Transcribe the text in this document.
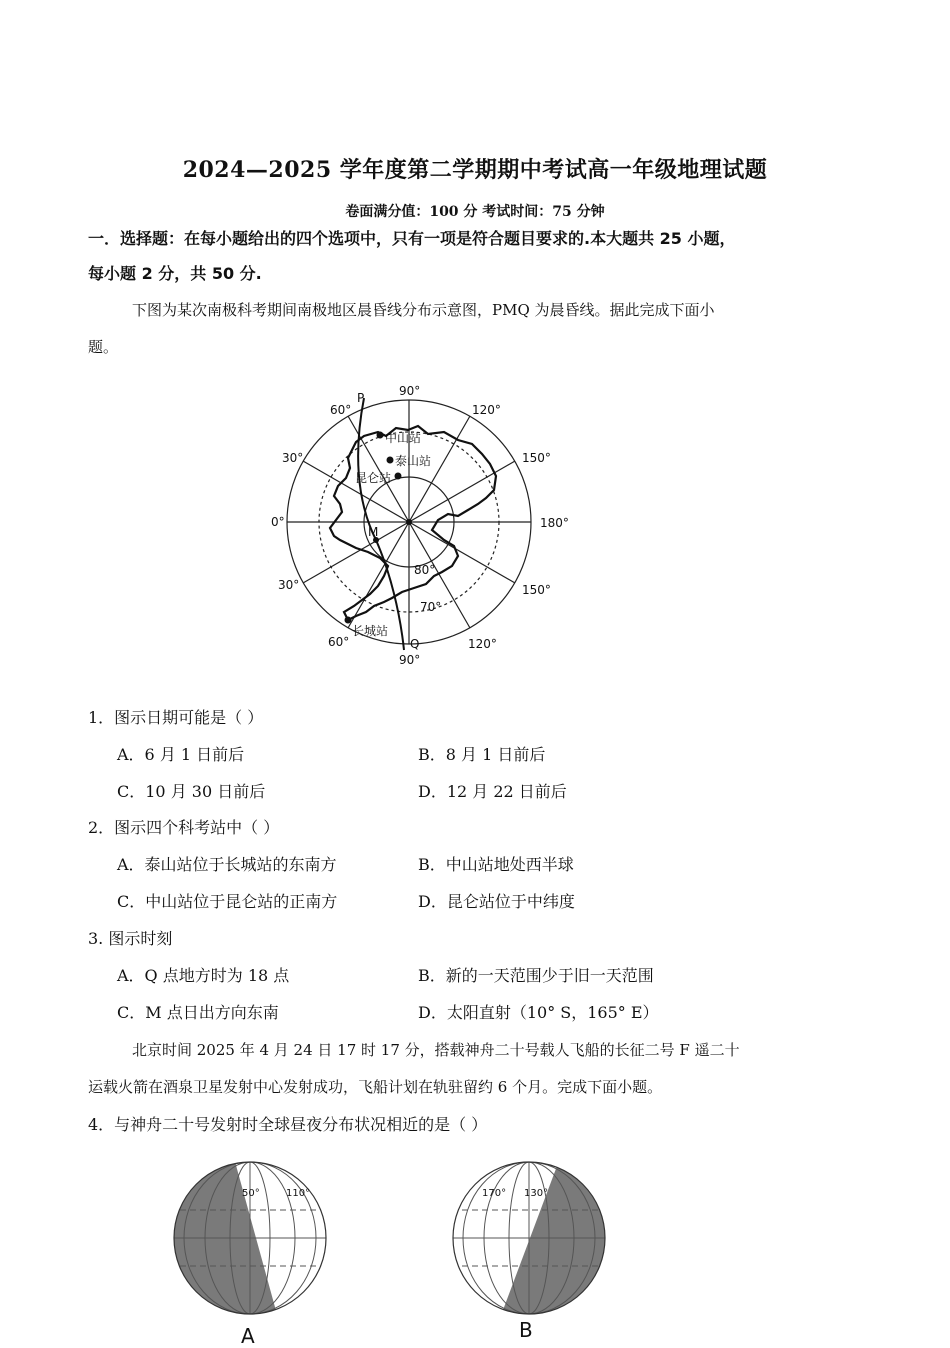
2024—2025 学年度第二学期期中考试高一年级地理试题
卷面满分值：100 分 考试时间：75 分钟
一．选择题：在每小题给出的四个选项中，只有一项是符合题目要求的.本大题共 25 小题，
每小题 2 分，共 50 分.
下图为某次南极科考期间南极地区晨昏线分布示意图，PMQ 为晨昏线。据此完成下面小
题。
90°
120°
150°
180°
150°
120°
90°
60°
30°
0°
30°
60°
80°
70°
P
M
Q
中山站
泰山站
昆仑站
长城站
1．图示日期可能是（ ）
A．6 月 1 日前后	B．8 月 1 日前后
C．10 月 30 日前后	D．12 月 22 日前后
2．图示四个科考站中（ ）
A．泰山站位于长城站的东南方	B．中山站地处西半球
C．中山站位于昆仑站的正南方	D．昆仑站位于中纬度
3. 图示时刻
A．Q 点地方时为 18 点	B．新的一天范围少于旧一天范围
C．M 点日出方向东南	D．太阳直射（10° S，165° E）
北京时间 2025 年 4 月 24 日 17 时 17 分，搭载神舟二十号载人飞船的长征二号 F 遥二十
运载火箭在酒泉卫星发射中心发射成功，飞船计划在轨驻留约 6 个月。完成下面小题。
4．与神舟二十号发射时全球昼夜分布状况相近的是（ ）
50°	110°
A
170° 130°
B
